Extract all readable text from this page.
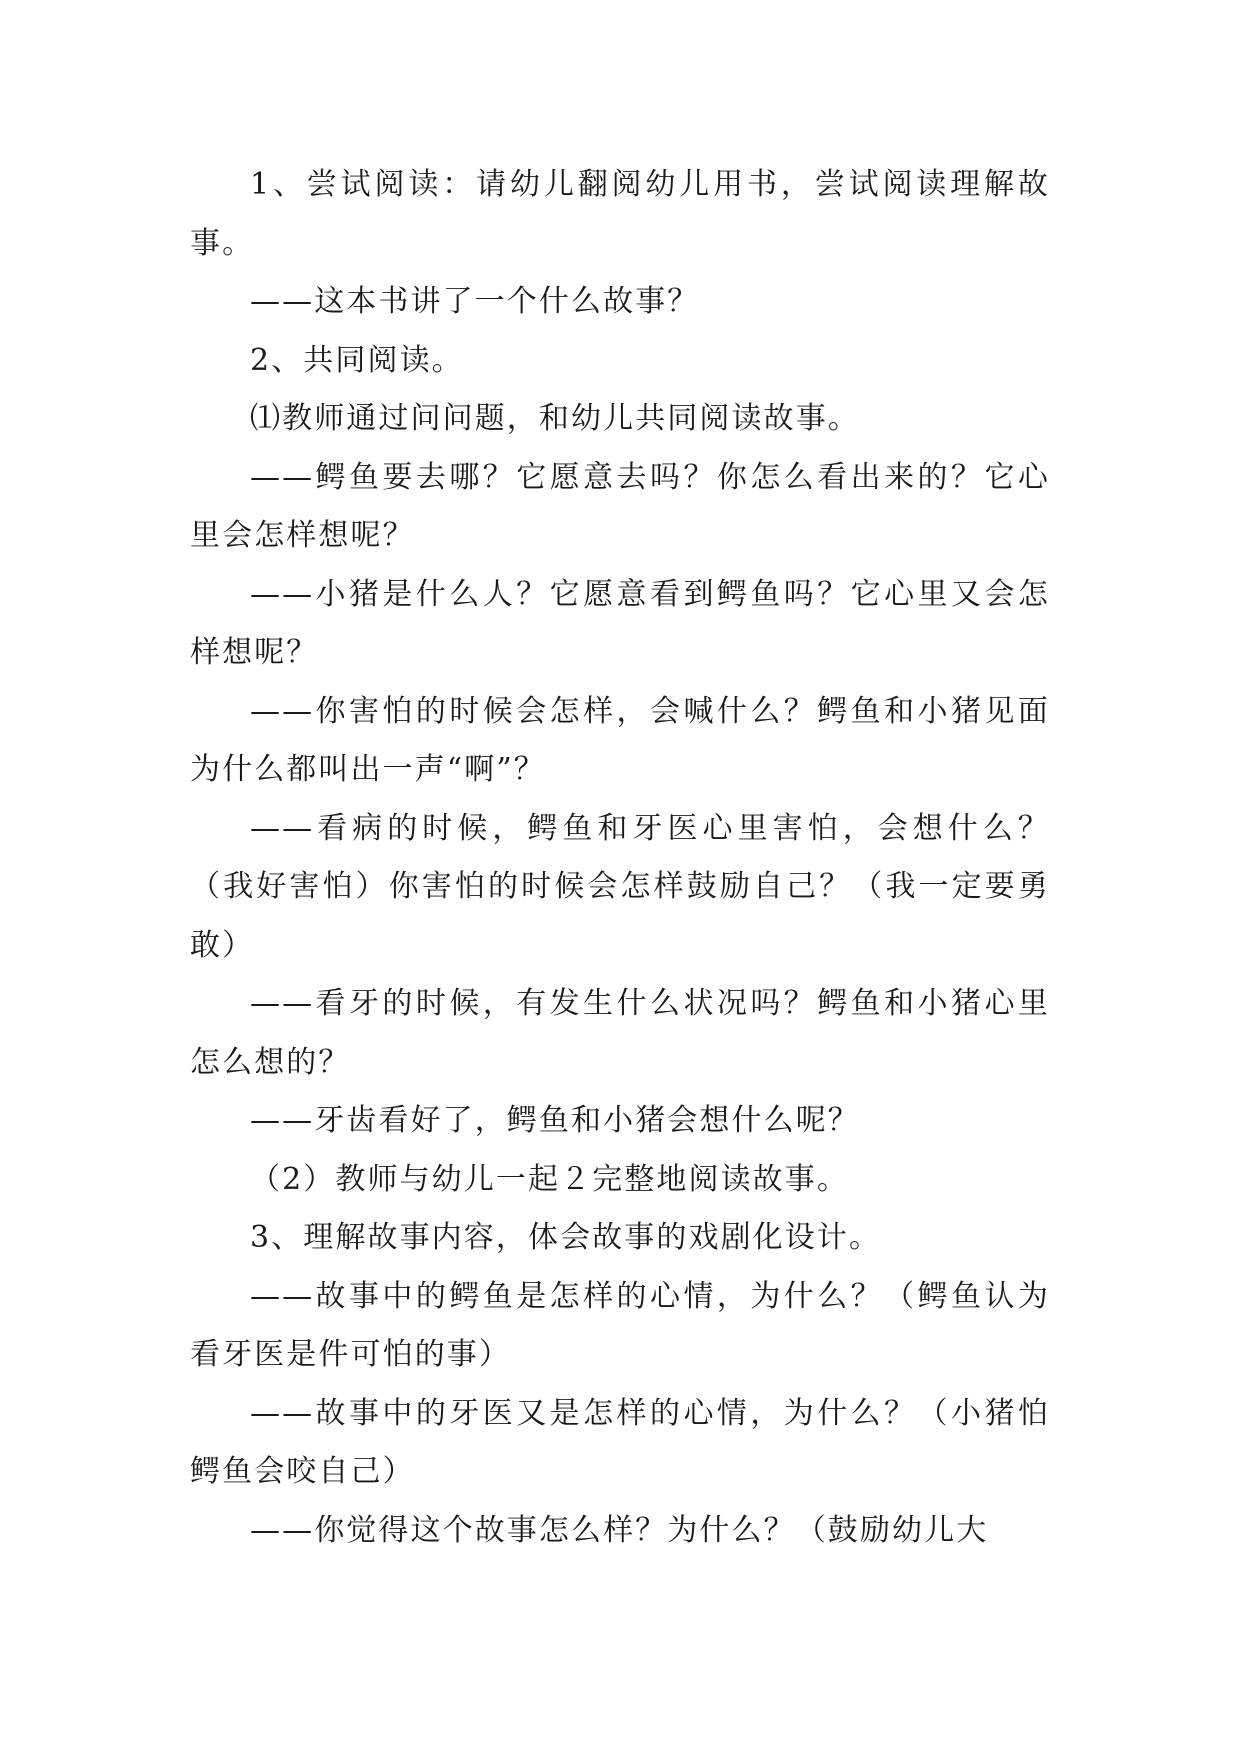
1、尝试阅读：请幼儿翻阅幼儿用书，尝试阅读理解故事。

——这本书讲了一个什么故事？

2、共同阅读。

⑴教师通过问问题，和幼儿共同阅读故事。

——鳄鱼要去哪？它愿意去吗？你怎么看出来的？它心里会怎样想呢？

——小猪是什么人？它愿意看到鳄鱼吗？它心里又会怎样想呢？

——你害怕的时候会怎样，会喊什么？鳄鱼和小猪见面为什么都叫出一声“啊”？

——看病的时候，鳄鱼和牙医心里害怕，会想什么？（我好害怕）你害怕的时候会怎样鼓励自己？（我一定要勇敢）

——看牙的时候，有发生什么状况吗？鳄鱼和小猪心里怎么想的？

——牙齿看好了，鳄鱼和小猪会想什么呢？

（2）教师与幼儿一起２完整地阅读故事。

3、理解故事内容，体会故事的戏剧化设计。

——故事中的鳄鱼是怎样的心情，为什么？（鳄鱼认为看牙医是件可怕的事）

——故事中的牙医又是怎样的心情，为什么？（小猪怕鳄鱼会咬自己）

——你觉得这个故事怎么样？为什么？（鼓励幼儿大
